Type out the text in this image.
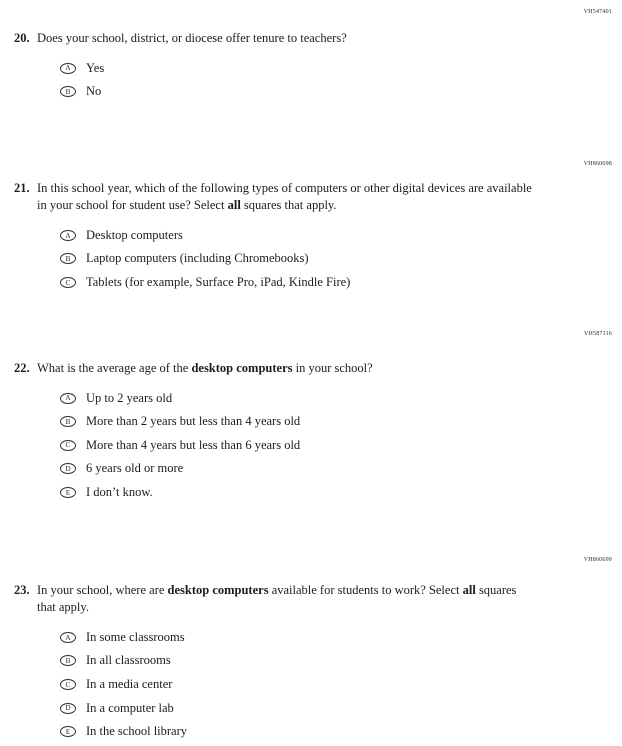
VH547401
20. Does your school, district, or diocese offer tenure to teachers?
A Yes
B No
VH860698
21. In this school year, which of the following types of computers or other digital devices are available in your school for student use? Select all squares that apply.
A Desktop computers
B Laptop computers (including Chromebooks)
C Tablets (for example, Surface Pro, iPad, Kindle Fire)
VH587116
22. What is the average age of the desktop computers in your school?
A Up to 2 years old
B More than 2 years but less than 4 years old
C More than 4 years but less than 6 years old
D 6 years old or more
E I don’t know.
VH860699
23. In your school, where are desktop computers available for students to work? Select all squares that apply.
A In some classrooms
B In all classrooms
C In a media center
D In a computer lab
E In the school library
